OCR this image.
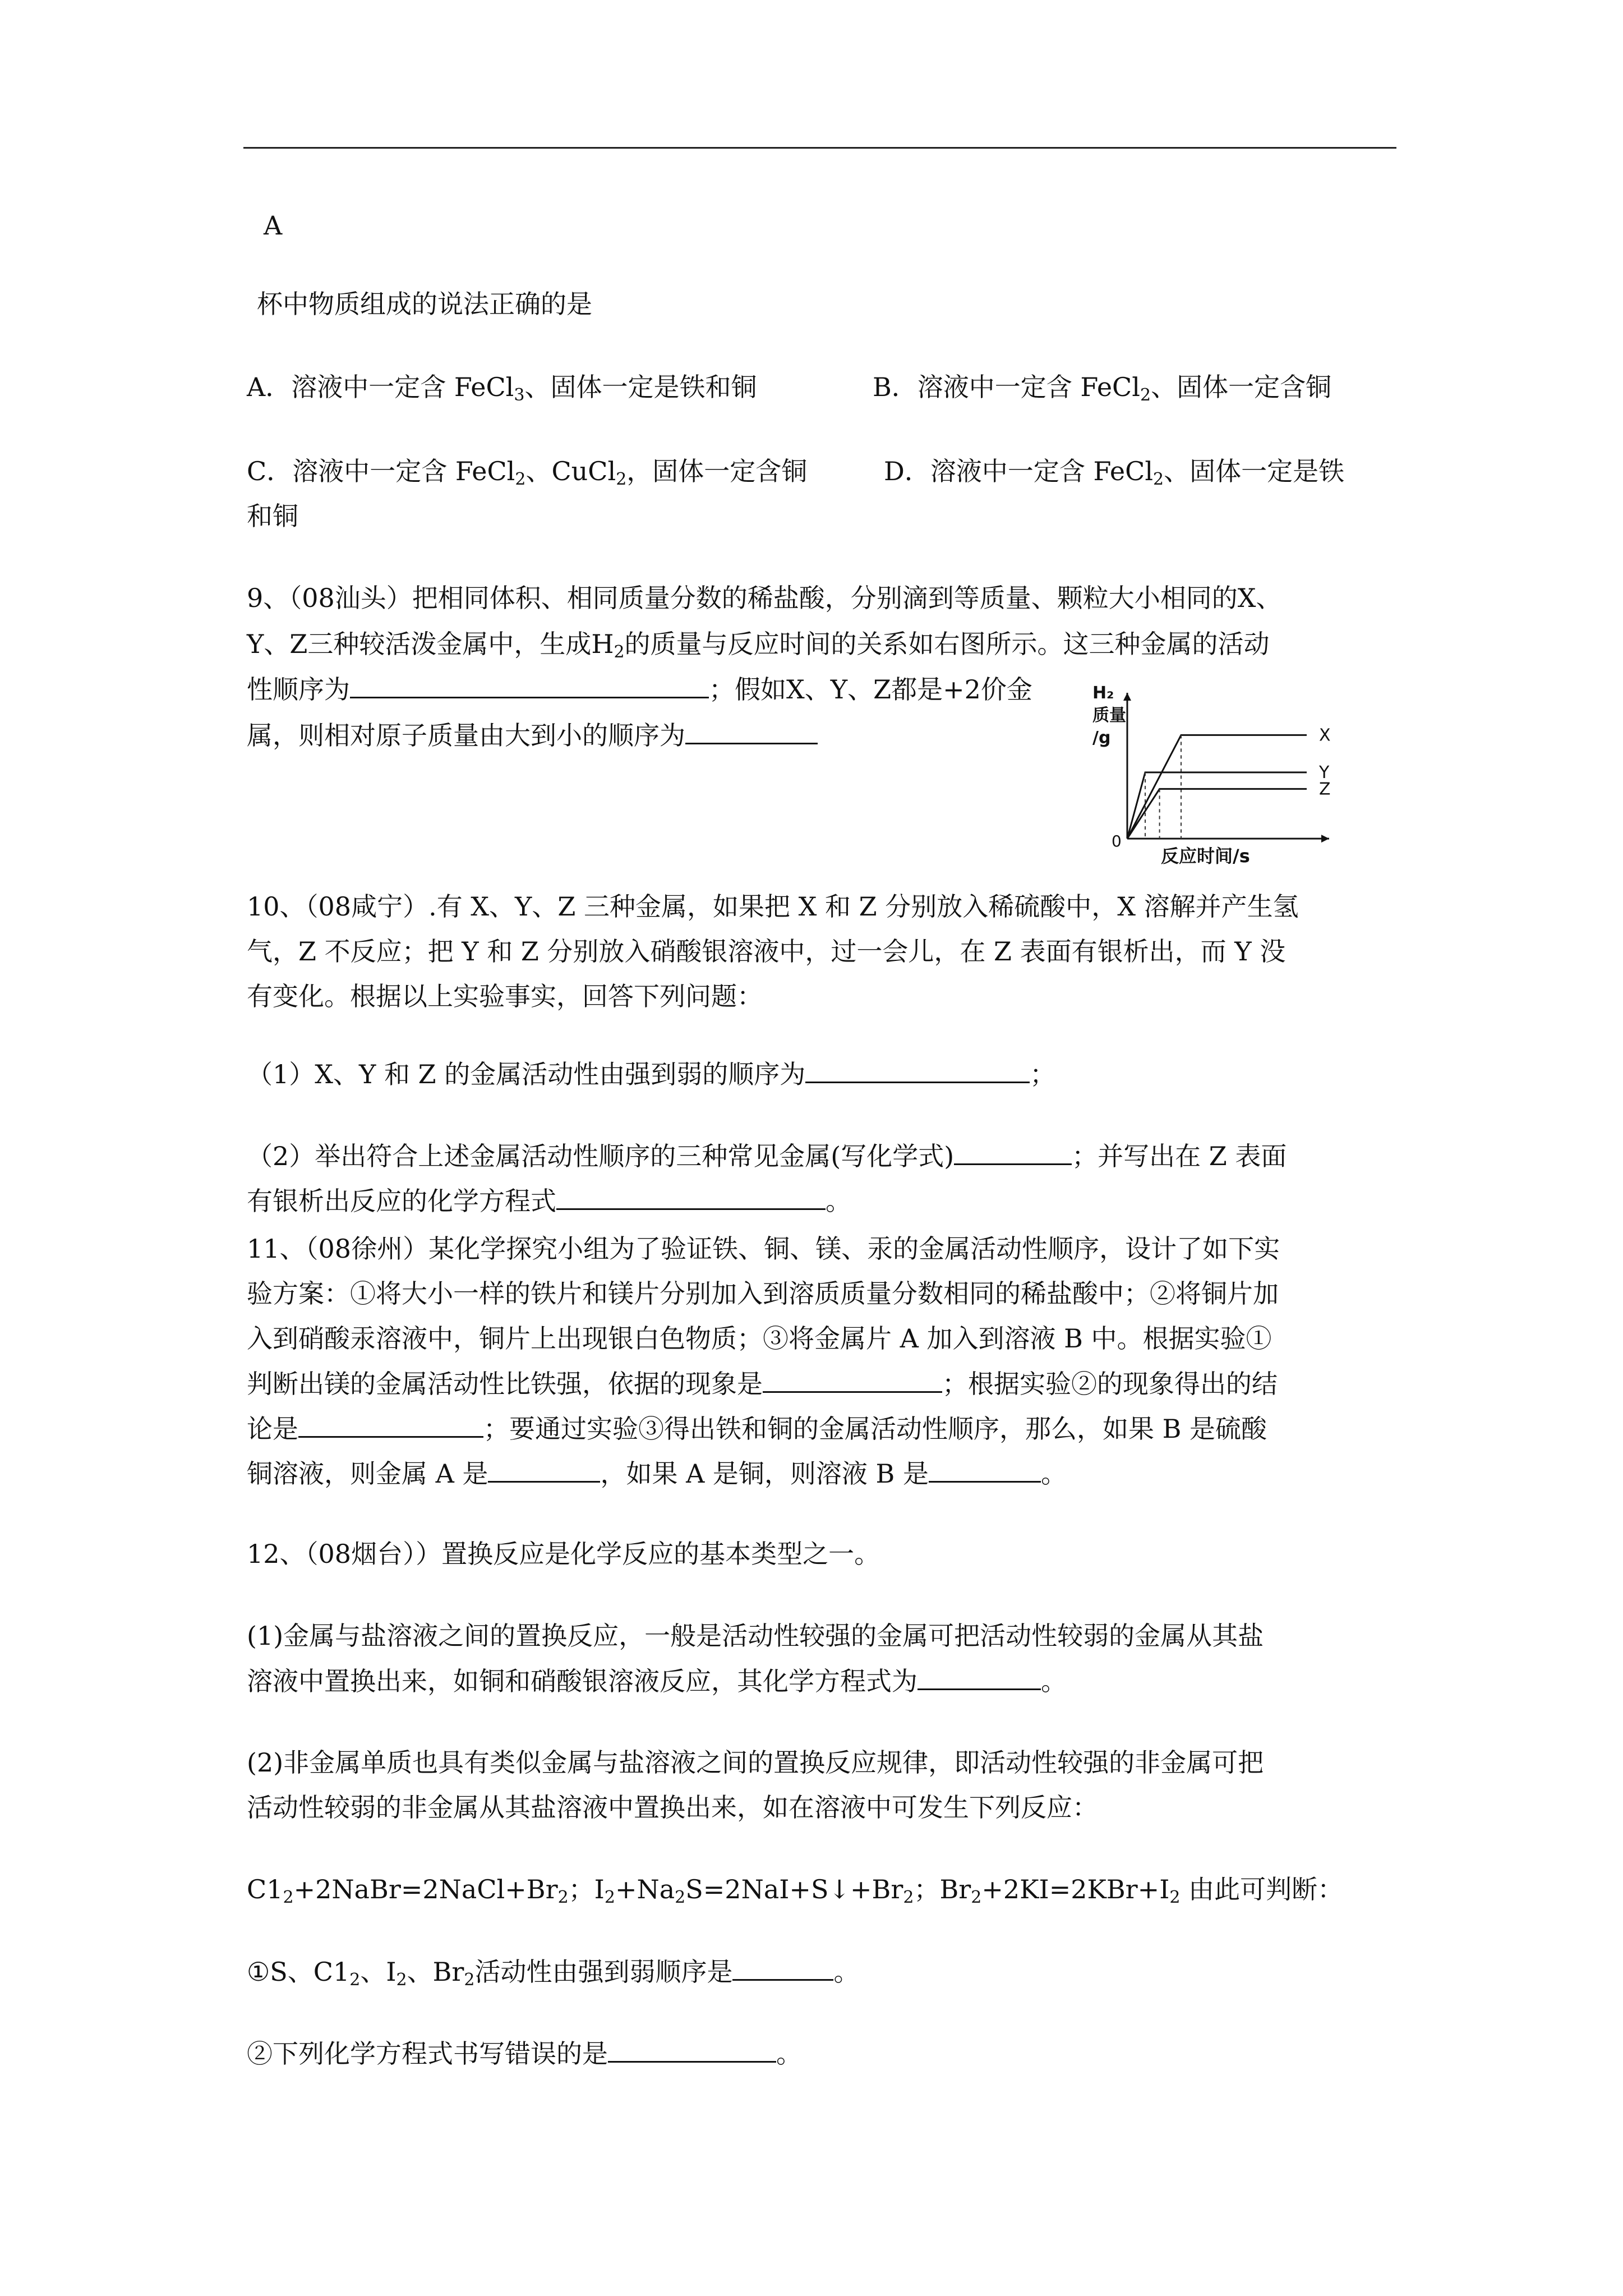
A
杯中物质组成的说法正确的是
A．溶液中一定含 FeCl$_3$、固体一定是铁和铜	B．溶液中一定含 FeCl$_2$、固体一定含铜
C．溶液中一定含 FeCl$_2$、CuCl$_2$，固体一定含铜	D．溶液中一定含 FeCl$_2$、固体一定是铁
和铜
9、（08汕头）把相同体积、相同质量分数的稀盐酸，分别滴到等质量、颗粒大小相同的X、
Y、Z三种较活泼金属中，生成$H_2$的质量与反应时间的关系如右图所示。这三种金属的活动
性顺序为	；假如X、Y、Z都是+2价金
属，则相对原子质量由大到小的顺序为
H₂ 质量/g
反应时间/s
0
X
Y
Z
10、（08咸宁）.有 X、Y、Z 三种金属，如果把 X 和 Z 分别放入稀硫酸中，X 溶解并产生氢
气，Z 不反应；把 Y 和 Z 分别放入硝酸银溶液中，过一会儿，在 Z 表面有银析出，而 Y 没
有变化。根据以上实验事实，回答下列问题：
（1）X、Y 和 Z 的金属活动性由强到弱的顺序为	；
（2）举出符合上述金属活动性顺序的三种常见金属(写化学式)	；并写出在 Z 表面
有银析出反应的化学方程式	。
11、（08徐州）某化学探究小组为了验证铁、铜、镁、汞的金属活动性顺序，设计了如下实
验方案：①将大小一样的铁片和镁片分别加入到溶质质量分数相同的稀盐酸中；②将铜片加
入到硝酸汞溶液中，铜片上出现银白色物质；③将金属片 A 加入到溶液 B 中。根据实验①
判断出镁的金属活动性比铁强，依据的现象是	；根据实验②的现象得出的结
论是	；要通过实验③得出铁和铜的金属活动性顺序，那么，如果 B 是硫酸
铜溶液，则金属 A 是	，如果 A 是铜，则溶液 B 是	。
12、（08烟台））置换反应是化学反应的基本类型之一。
(1)金属与盐溶液之间的置换反应，一般是活动性较强的金属可把活动性较弱的金属从其盐
溶液中置换出来，如铜和硝酸银溶液反应，其化学方程式为	。
(2)非金属单质也具有类似金属与盐溶液之间的置换反应规律，即活动性较强的非金属可把
活动性较弱的非金属从其盐溶液中置换出来，如在溶液中可发生下列反应：
$C1_2+2NaBr=2NaCl+Br_2$；$I_2+Na_2S=2NaI+S↓+Br_2$；$Br_2+2KI=2KBr+I_2$ 由此可判断：
①S、$C1_2$、$I_2$、$Br_2$活动性由强到弱顺序是	。
②下列化学方程式书写错误的是	。
